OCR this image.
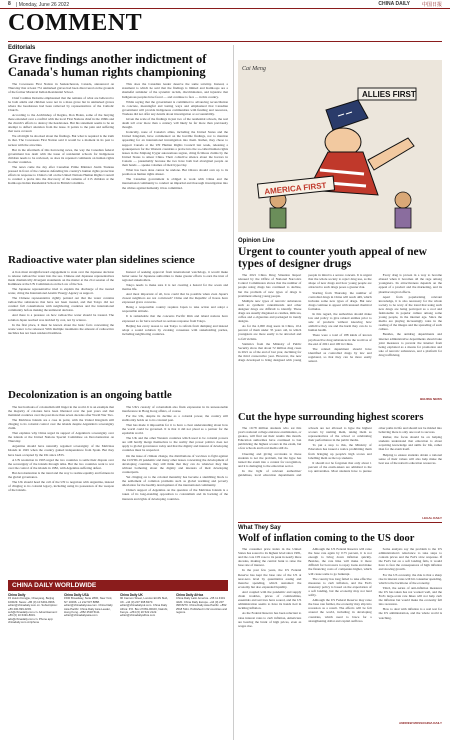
8 | Monday, June 26 2022	CHINA DAILY 中国日报
COMMENT
Editorials
Grave findings another indictment of Canada's human rights championing

The Cowessess First Nation in Saskatchewan, Canada, announced on Thursday that at least 751 unmarked graves had been discovered on the grounds of the former Marieval Indian Residential School.

Chief Cadmus Delorme emphasized that the remains of what are believed to be both adults and children were not in a mass grave but in unmarked graves where the headstones had been removed by representatives of the Catholic Church.

According to the Archbishop of Regina, Don Bolen, some of the burying there extended over a conflict with the local First Nations chief in the 1960s and the church's efforts to destroy the headstones. But his statement seems to be an attempt to deflect attention from the issue. It points to the pain and suffering that were covered.

We all might be shocked about the findings. But what is required is the truth in that. The Cowessess First Nation said it would be a moment in its past to reckon with the atrocities.

But in the aftermath of this harrowing news, the way the Canadian federal government has dealt with the issue of residential schools for Indigenous children needs to be reviewed, as does its repeated comments on human rights in other countries.

The news came the day after Canadian Prime Minister Justin Trudeau pressed in front of the cameras defending his country's human rights protection efforts in response to China's call on the United Nations Human Rights Council to conduct a probe into the discovery of the remains of 215 children at the Kamloops Indian Residential School in British Columbia.

This does the Canadian leader deserve the same scrutiny. Instead, a statement to which he said that the findings is limited and Kamloops are a shameful reminder of the systemic racism, discrimination, and injustice that Indigenous peoples have faced — and continue to face — in this country.

While saying that the government is committed to advancing reconciliation in concrete, meaningful and lasting ways and emphasized that Canadian government will provide Indigenous communities with funding and resources, Trudeau did not offer any details about investigation or accountability.

Given the scale of the findings in just two of the residential schools, the real death toll over more than a century will likely be far more than previously thought.

Ironically, none of Canada's allies, including the United States and the United Kingdom, have commented on the horrible findings, not to mention appealing for an international investigation into them. Rather, they chose to support Canada at the UN Human Rights Council last week, releasing a spokesperson for the Western countries a probe into the so-called human rights issues in the Xinjiang Uygur autonomous region, citing fictitious claims by the United States to smear China. Their collective silence about the horrors in Canada — presumably because the two have both had aboriginal people on their hands — speaks volumes of their hypocrisy.

What has been done cannot be undone. But Ottawa should own up to its position as human rights abuser.

The Canadian government is obliged to work with China and the international community to conduct an impartial and thorough investigation into the crimes against humanity it has committed.

Radioactive water plan sidelines science

A lion must straightforward engagement to state over the Japanese decision to release radioactive water into the sea. Chinese and Japanese representatives made dramatically divergent statements on the matter at the 21st session of the Kamikaze at the UN Commission on the Law of the Sea.

The Japanese representative tried to explain the discharge of the treated water, citing the International Atomic Energy Agency as support.

The Chinese representative rightly pointed out that the water contains radioactive substances that have not been treated, and that Tokyo did not conduct full consultations with neighboring countries and the international community before making the unilateral decision.

And there is a pressure on how radioactive water should be treated. The solution Japan reached was decided by cost, not by science.

In the first place, it must be known about the basic facts concerning the waste water to be released. With multiple treatments the amount of radioactive nuclides has not been rendered harmless.

Instead of seeking approval from international watchdogs, it would make better sense for Japanese authorities to make greater efforts to earn the trust of regional stakeholders.

Tokyo needs to make sure it is not creating a hazard for the ocean and marine life.

And most important of all, how could that be possible when even Japan's closest neighbors are not convinced? China and the Republic of Korea have expressed grave concerns.

Being a responsible country requires Japan to take action and adopt a responsible attitude.

It is remarkable that the concerns Pacific Rim and island nations have expressed so far have received no serious response from Tokyo.

Beijing has every reason to ask Tokyo to refrain from dumping and instead adopt a sound solution by evoking consensus with stakeholding parties, including neighboring countries.

Decolonization is an ongoing battle

The last holdouts of colonialism still linger in the world. It is an example that the majority of colonies have been liberated over the past years and that mainland countries over the past more than seven decades after World War Two.

The Malvinas Islands are a case in point, with the United Kingdom still clinging to its colonial control over the islands despite Argentina's sovereignty claim.

That explains why China urged its support of Argentina's sovereignty over the islands at the United Nations Special Committee on Decolonization on Thursday.

Argentina should have naturally regained sovereignty of the Malvinas Islands in 1945 when the country gained independence from Spain. But they have been occupied by the UK since 1833.

A UN resolution in 1965 urged the two countries to settle their dispute over the sovereignty of the islands through talks. But the two countries went to war over the control of the islands in 1982, with Argentina suffering defeat.

But decolonization is the trend and the way to realize equality and fairness in the global governance.

The UK should heed the call of the UN to negotiate with Argentina, instead of clinging to its colonial legacy, including using its possession of the weapon of the islands.

The UK's custody of colonialism also finds expression in its unreasonable interference in Hong Kong affairs, of course.

For the UK, despite its decline as a colonial power, the country still stubbornly holds on to its colonial past.

That has made it impossible for it to have a clear understanding about how the world could be governed. It is that it did not plead as a partner for the equitable world.

The UK and the other Western countries which used to be colonial powers are still hardly merge themselves to the reality that power politics does not apply to global governance today and that the dignity and interest of developing countries must be respected.

On the issue of climate change, the distributions of vaccines to fight against the COVID-19 pandemic and many other issues concerning the development of developing countries, they still think that they can do whatever they like without bothering about the dignity and interests of their developing counterparts.

Yet clinging on to the colonial mentality has become a stumbling block to the settlement of common problems such as global warming and poverty alleviation for the healthy development of the international community.

China's support of Argentina on the question of the Malvinas Islands is a token of its long-standing opposition to colonialism and its backing of the interests and rights of developing countries.

CHINA DAILY WORLDWIDE
China Daily
15 Huixin Dongjie, Chaoyang, Beijing 100029. News: +86 (0) 10 6491-8366. editor@chinadaily.com.cn. Subscription: +86 400-699-0203. sub@chinadaily.com.cn. Advertisement: +86 (0) 10 6491-8631. ads@chinadaily.com.cn. Phone app: chinadaily.com.cn/iphone
China Daily USA
1500 Broadway, Suite 2800, New York, NY 10036. +1 212 537 8888. editor@chinadailyusa.com. China Daily Asia Pacific: China Daily Asia Leader, Hong Kong. +852 2518 5111. editor@chinadailyasia.com
China Daily UK
90 Cannon Street, London EC4N 6HA, UK. +44 (0) 207 398 8270. editor@chinadailyuk.com. China Daily Africa: P.O. Box 27281-00100, Nairobi, Kenya. +254 (0) 20 522 2122. editor@chinadailyafrica.com
China Daily Africa
China Daily Latin America. +55 11 4301 4220. China Daily Europe. +44 (0) 207 398 8270. China Daily Asia Pacific. +852 2518 5111. Published in 62 countries and regions.
Cai Meng
ALLIES FIRST
AMERICA FIRST
Opinion Line
Urgent to counter youth appeal of new types of designer drugs

The 2021 China Drug Situation Report released by the Office of National Narcotics Control Commission shows that the number of people using drugs has continued to decline, but the problem of new types of drugs is prominent among young people.

Multiple new types of narcotic substances such as synthetic cannabinoids and other designer drugs are difficult to identify. These drugs are usually disguised as candies, milk tea, coffee and e-cigarettes and packaged in trendy designs.

As for the 2,000 drug users in China, 10.4 percent of them under 35 years old, in which youngsters are more easily to be attracted and to fall victims.

Statistics from the Ministry of Public Security show that about 72 million drug cases in 2021 as of the end of last year, declining for the third consecutive year. However, the new drugs developed to bring designed with young people in mind is a severe concern. It is urgent that the whole society to reject drug use, as the shape of new drugs and how young people are attracted to such drugs poses a greater risk.

Starting from Thursday, the number of controlled drugs in China will reach 449, which includes some new types of drugs. But new drugs continue to appear with unusual chemical formulas.

In this regard, the authorities should make law and policy to give related entities prior to sale of products without knowing how addictive they are and the harm they can do to human health.

There were a total of 188 kinds of known psychoactive drug substances in the world as of the end of 2021 and 100 in China.

The related department should have identified as controlled drugs by law and regulated, so that they can be more easily seized.

Every drug is proven in a way to become abused when it becomes all the rage among youngsters. Its attractiveness depends on the appeal of a product and the marketing, and its pharmacological effects.

Apart from popularizing relevant knowledge, it is also necessary for the whole society to be wary of the trend that using such new drugs are being portrayed as a cool and fashionable in popular culture among some young people, in the internet age. Since the media are playing increasingly roles in the reading of the images and the spreading of such culture.

Besides, the antidrug departments and internet administrative departments should take joint measures to prevent the internet from being exploited as a means for promotion and sale of narcotic substances, and a platform for drug trafficking.

BEIJING NEWS
Cut the hype surrounding highest scorers

The 10.78 million students who sat this year's national college entrance examination, or gaokao, will find out their results this month. Education authorities have continued to ban publicizing the highest scorers in the exam, but a few schools and local media still do.

Cheering and giving accolades to these students is not the problem, but the hype has turned the exam into a contest for recognition, and it is damaging to the education sector.

In the light of relevant authorities' guidelines, local education departments and schools are not allowed to hype the highest scorers by naming them, taking them as representatives of the school or celebrating their performance in the public media.

To put a stop to this, the Ministry of Education has issued a notice prohibiting them from bringing up people's high scores and labelling them as the top students.

It should not be forgotten that only about 1 percent of the exam-takers are admitted to the top universities. Most students have to pursue other paths in life and should not be misled into believing there is only one road to success.

Rather, the focus should be on helping students understand that education is about acquiring knowledge and skills for life, rather than for the exam itself.

Helping to ensure students obtain a rational sense of their values will also help make the best use of the nation's education resources.

LEGAL DAILY
What They Say
Wolf of inflation coming to the US door

The consumer price index in the United States has soared to its highest level since 1981, and the core CPI rose to its peak in nearly three decades, making the central bank to raise the base rate of interest.

In the past few years, the US Federal Reserve has kept the base rate of the US at near-zero level by quantitative easing and massive spending, which sustained the economy but also expanded liquidity.

And coupled with the pandemic and supply chain troubles, prices of commodities, essentials and services have soared, and the US administration seems to have its hands tied in tackling inflation.

As the Federal Reserve has been reluctant to raise interest rates to curb inflation, Americans are bearing the brunt of high prices, even as wages rise.

Although the US Federal Reserve will raise the base rate again by 0.75 percent, it is not enough to bring down inflation quickly. Besides, the rate hike will make it more difficult for borrowers to repay loans and make the financing costs of companies higher, which will cause some to go bankrupt.

The country has long failed to take effective measures to curb inflation, and the Fed's monetary policy is based on the expectation of a soft landing, but the economy may not land softly.

Although the US Federal Reserve may raise the base rate further, the economy may slip into recession as a result. The effects will be felt around the world, including in developing countries, which need to brace for a strengthening dollar and capital outflows.

Some analysts say the problem is the US administration's reluctance to take steps to contain prices and the Fed's slow response. If the Fed's bet on a soft landing fails, it would have to face the consequences of high inflation and slowing growth.

For the US economy, the risk is that a sharp rise in interest rates will hit consumer spending, which is the backbone of the economy.

Third, the series of anti-inflation measures the US has taken has not worked well, and the Fed's large-scale rate hikes will not help curb the inflation but would make the economy fall into recession.

How to deal with inflation is a real test for the US administration, and the whole world is watching.

ANDREW MOSS/CHINA DAILY
